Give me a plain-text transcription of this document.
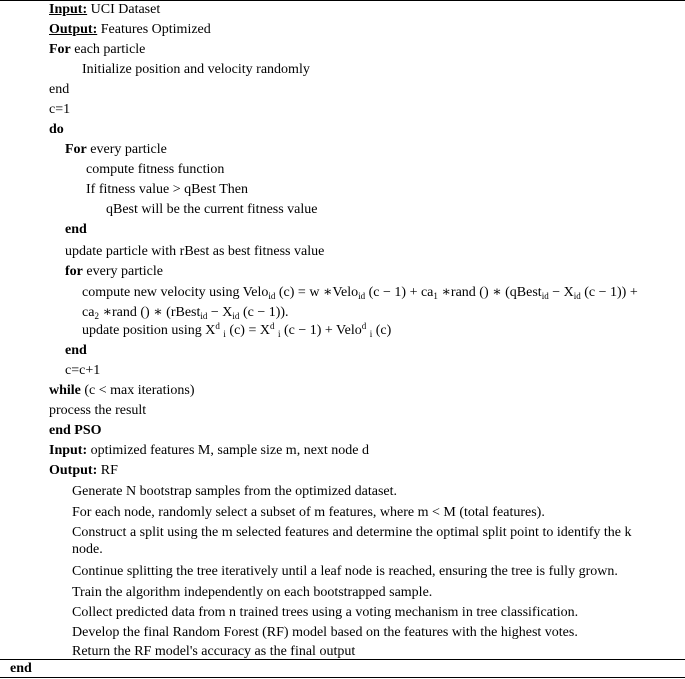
Input: UCI Dataset
Output: Features Optimized
For each particle
Initialize position and velocity randomly
end
c=1
do
For every particle
compute fitness function
If fitness value > qBest Then
qBest will be the current fitness value
end
update particle with rBest as best fitness value
for every particle
compute new velocity using Velo$_{id}$ (c) = w ∗Velo$_{id}$ $(c - 1) + ca_1$ ∗rand () ∗ (qBest$_{id}$ − $X_{id}$ (c − 1)) +
$ca_2$ ∗rand () ∗ (rBest$_{id}$ − $X_{id}$ (c − 1)).
update position using $X^d$ $_i$ $(c) = X^d$ $_i$ (c − 1) + Velo$^d$ $_i$ (c)
end
c=c+1
while (c < max iterations)
process the result
end PSO
Input: optimized features M, sample size m, next node d
Output: RF
Generate N bootstrap samples from the optimized dataset.
For each node, randomly select a subset of m features, where m < M (total features).
Construct a split using the m selected features and determine the optimal split point to identify the k
node.
Continue splitting the tree iteratively until a leaf node is reached, ensuring the tree is fully grown.
Train the algorithm independently on each bootstrapped sample.
Collect predicted data from n trained trees using a voting mechanism in tree classification.
Develop the final Random Forest (RF) model based on the features with the highest votes.
Return the RF model's accuracy as the final output
end
